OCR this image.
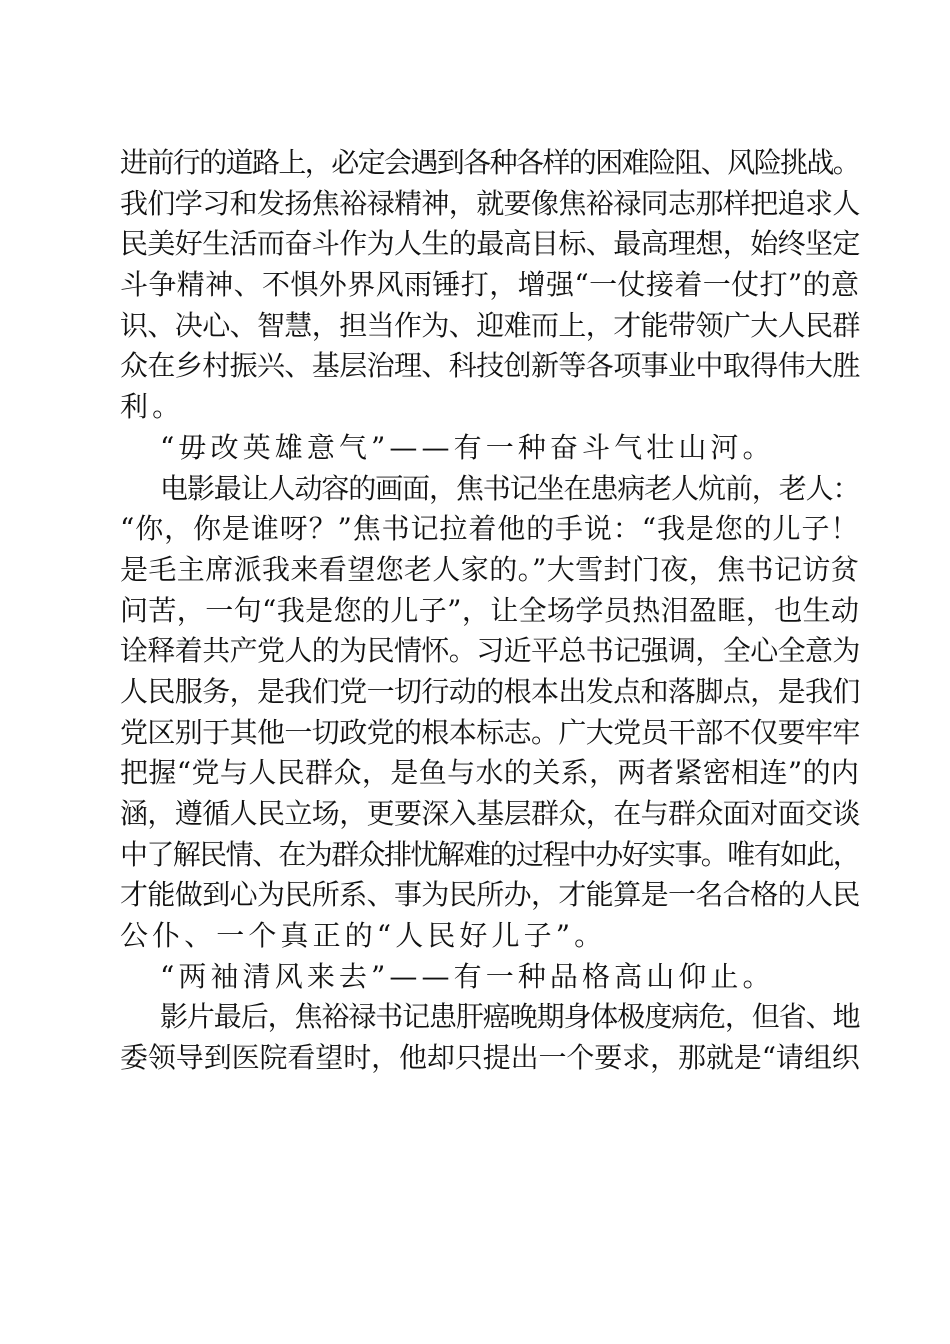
进前行的道路上，必定会遇到各种各样的困难险阻、风险挑战。
我们学习和发扬焦裕禄精神，就要像焦裕禄同志那样把追求人
民美好生活而奋斗作为人生的最高目标、最高理想，始终坚定
斗争精神、不惧外界风雨锤打，增强“一仗接着一仗打”的意
识、决心、智慧，担当作为、迎难而上，才能带领广大人民群
众在乡村振兴、基层治理、科技创新等各项事业中取得伟大胜
利。
“毋改英雄意气”——有一种奋斗气壮山河。
电影最让人动容的画面，焦书记坐在患病老人炕前，老人：
“你，你是谁呀？”焦书记拉着他的手说：“我是您的儿子！
是毛主席派我来看望您老人家的。”大雪封门夜，焦书记访贫
问苦，一句“我是您的儿子”，让全场学员热泪盈眶，也生动
诠释着共产党人的为民情怀。习近平总书记强调，全心全意为
人民服务，是我们党一切行动的根本出发点和落脚点，是我们
党区别于其他一切政党的根本标志。广大党员干部不仅要牢牢
把握“党与人民群众，是鱼与水的关系，两者紧密相连”的内
涵，遵循人民立场，更要深入基层群众，在与群众面对面交谈
中了解民情、在为群众排忧解难的过程中办好实事。唯有如此，
才能做到心为民所系、事为民所办，才能算是一名合格的人民
公仆、一个真正的“人民好儿子”。
“两袖清风来去”——有一种品格高山仰止。
影片最后，焦裕禄书记患肝癌晚期身体极度病危，但省、地
委领导到医院看望时，他却只提出一个要求，那就是“请组织
